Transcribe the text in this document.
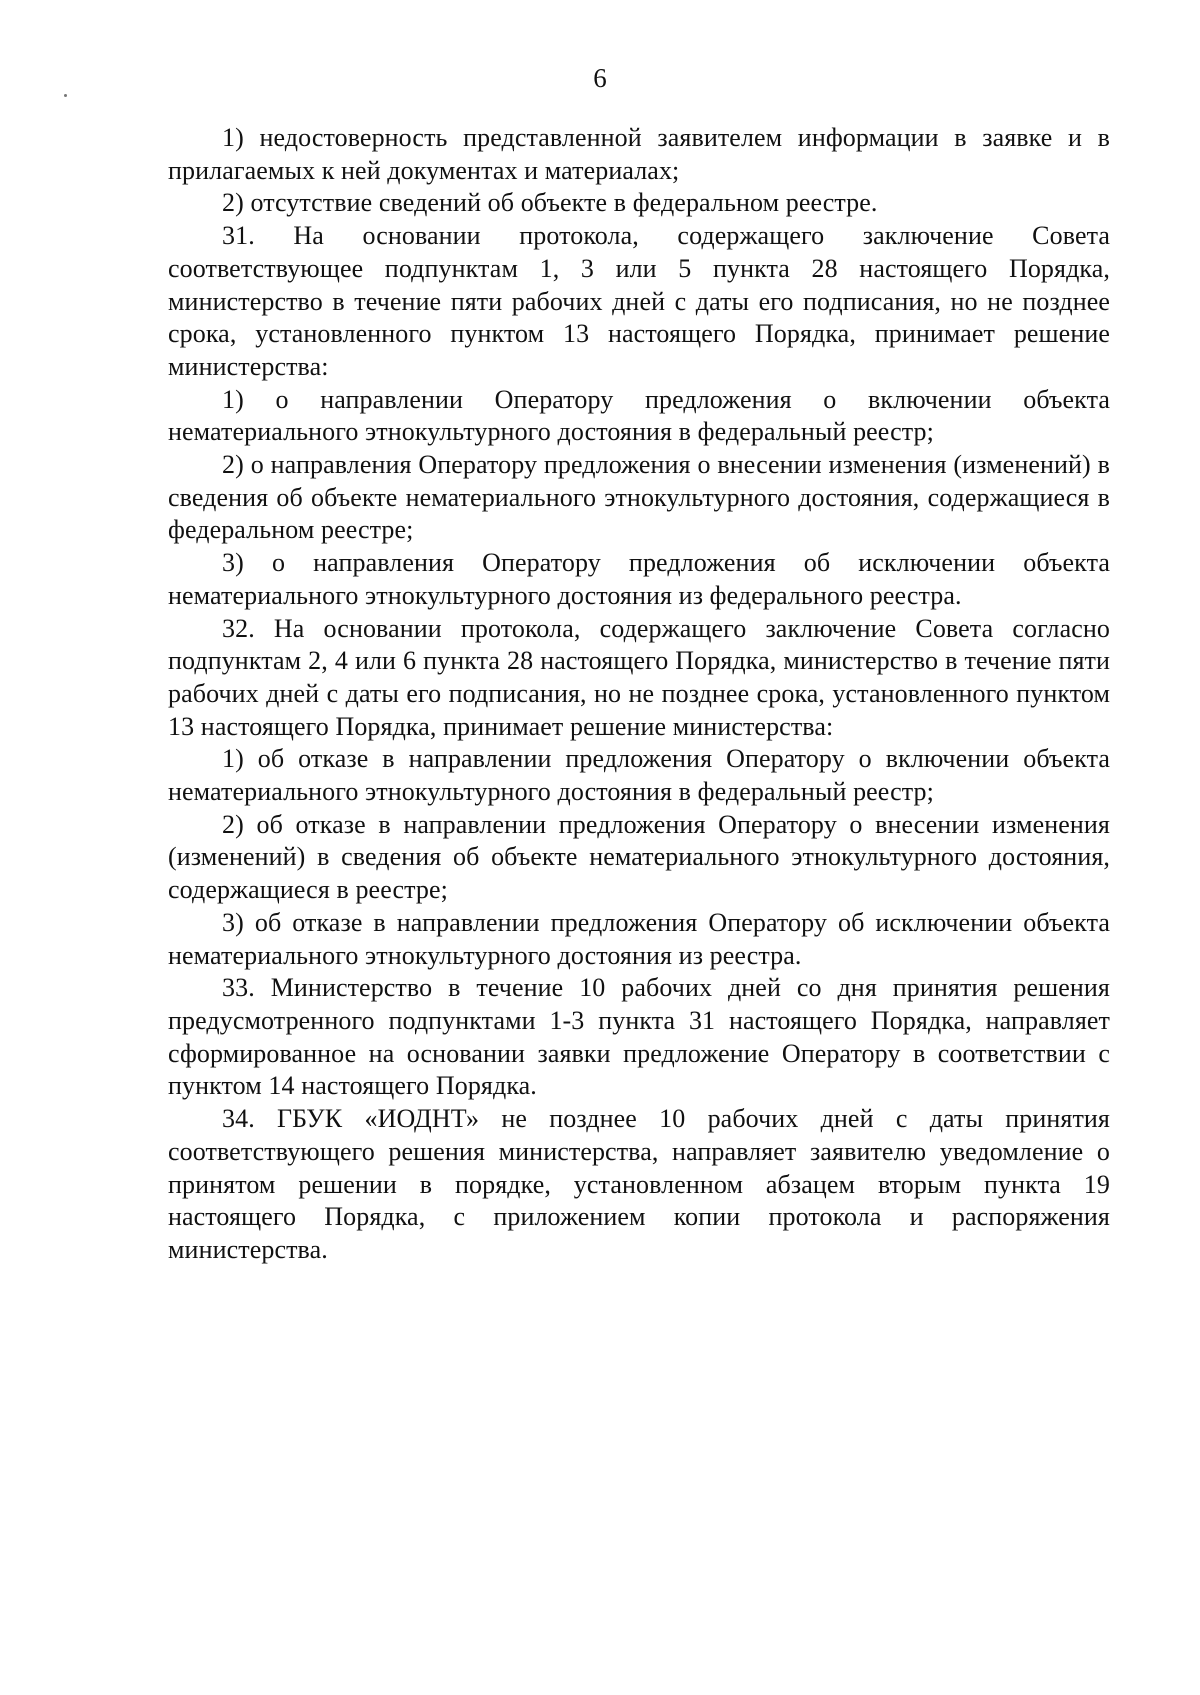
6

1) недостоверность представленной заявителем информации в заявке и в прилагаемых к ней документах и материалах;

2) отсутствие сведений об объекте в федеральном реестре.

31. На основании протокола, содержащего заключение Совета соответствующее подпунктам 1, 3 или 5 пункта 28 настоящего Порядка, министерство в течение пяти рабочих дней с даты его подписания, но не позднее срока, установленного пунктом 13 настоящего Порядка, принимает решение министерства:

1) о направлении Оператору предложения о включении объекта нематериального этнокультурного достояния в федеральный реестр;

2) о направления Оператору предложения о внесении изменения (изменений) в сведения об объекте нематериального этнокультурного достояния, содержащиеся в федеральном реестре;

3) о направления Оператору предложения об исключении объекта нематериального этнокультурного достояния из федерального реестра.

32. На основании протокола, содержащего заключение Совета согласно подпунктам 2, 4 или 6 пункта 28 настоящего Порядка, министерство в течение пяти рабочих дней с даты его подписания, но не позднее срока, установленного пунктом 13 настоящего Порядка, принимает решение министерства:

1) об отказе в направлении предложения Оператору о включении объекта нематериального этнокультурного достояния в федеральный реестр;

2) об отказе в направлении предложения Оператору о внесении изменения (изменений) в сведения об объекте нематериального этнокультурного достояния, содержащиеся в реестре;

3) об отказе в направлении предложения Оператору об исключении объекта нематериального этнокультурного достояния из реестра.

33. Министерство в течение 10 рабочих дней со дня принятия решения предусмотренного подпунктами 1-3 пункта 31 настоящего Порядка, направляет сформированное на основании заявки предложение Оператору в соответствии с пунктом 14 настоящего Порядка.

34. ГБУК «ИОДНТ» не позднее 10 рабочих дней с даты принятия соответствующего решения министерства, направляет заявителю уведомление о принятом решении в порядке, установленном абзацем вторым пункта 19 настоящего Порядка, с приложением копии протокола и распоряжения министерства.
